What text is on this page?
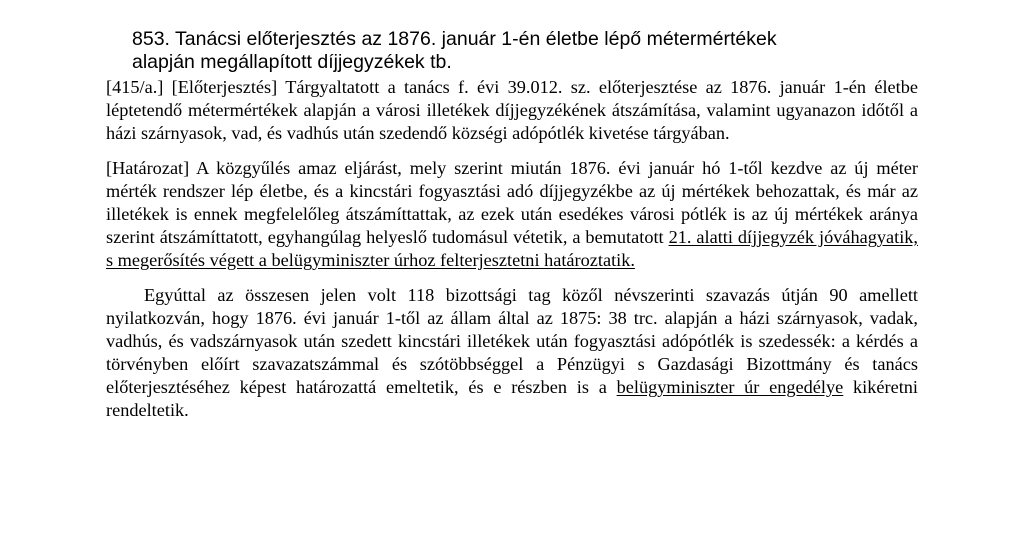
853. Tanácsi előterjesztés az 1876. január 1-én életbe lépő métermértékek
alapján megállapított díjjegyzékek tb.

[415/a.] [Előterjesztés] Tárgyaltatott a tanács f. évi 39.012. sz. előterjesztése az 1876. január 1-én életbe léptetendő métermértékek alapján a városi illetékek díjjegyzékének átszámítása, valamint ugyanazon időtől a házi szárnyasok, vad, és vadhús után szedendő községi adópótlék kivetése tárgyában.

[Határozat] A közgyűlés amaz eljárást, mely szerint miután 1876. évi január hó 1-től kezdve az új méter mérték rendszer lép életbe, és a kincstári fogyasztási adó díjjegyzékbe az új mértékek behozattak, és már az illetékek is ennek megfelelőleg átszámíttattak, az ezek után esedékes városi pótlék is az új mértékek aránya szerint átszámíttatott, egyhangúlag helyeslő tudomásul vétetik, a bemutatott 21. alatti díjjegyzék jóváhagyatik, s megerősítés végett a belügyminiszter úrhoz felterjesztetni határoztatik.

Egyúttal az összesen jelen volt 118 bizottsági tag közől névszerinti szavazás útján 90 amellett nyilatkozván, hogy 1876. évi január 1-től az állam által az 1875: 38 trc. alapján a házi szárnyasok, vadak, vadhús, és vadszárnyasok után szedett kincstári illetékek után fogyasztási adópótlék is szedessék: a kérdés a törvényben előírt szavazatszámmal és szótöbbséggel a Pénzügyi s Gazdasági Bizottmány és tanács előterjesztéséhez képest határozattá emeltetik, és e részben is a belügyminiszter úr engedélye kikéretni rendeltetik.
